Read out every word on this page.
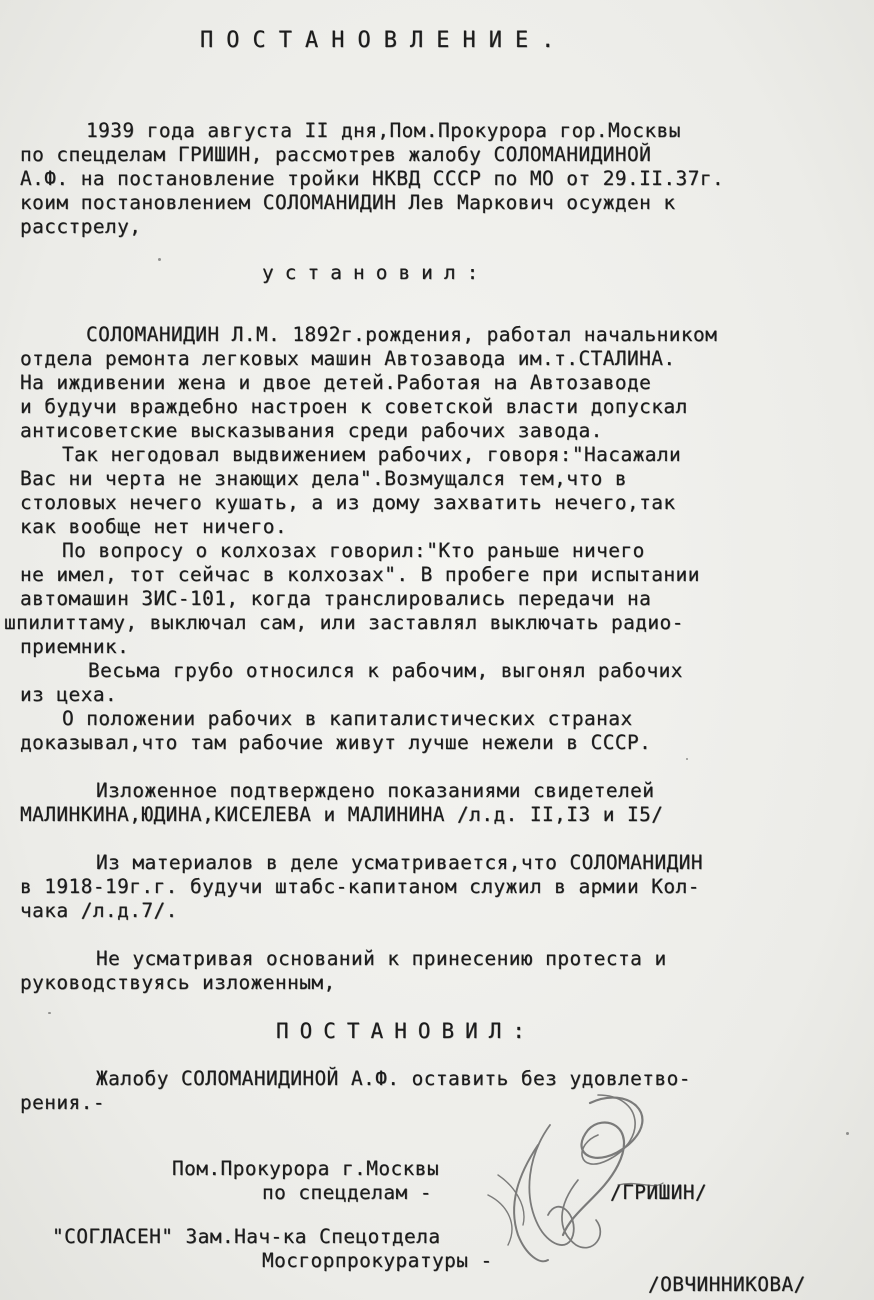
ПОСТАНОВЛЕНИЕ.
1939 года августа II дня,Пом.Прокурора гор.Москвы
по спецделам ГРИШИН, рассмотрев жалобу СОЛОМАНИДИНОЙ
А.Ф. на постановление тройки НКВД СССР по МО от 29.II.37г.
коим постановлением СОЛОМАНИДИН Лев Маркович осужден к
расстрелу,
установил:
СОЛОМАНИДИН Л.М. 1892г.рождения, работал начальником
отдела ремонта легковых машин Автозавода им.т.СТАЛИНА.
На иждивении жена и двое детей.Работая на Автозаводе
и будучи враждебно настроен к советской власти допускал
антисоветские высказывания среди рабочих завода.
Так негодовал выдвижением рабочих, говоря:"Насажали
Вас ни черта не знающих дела".Возмущался тем,что в
столовых нечего кушать, а из дому захватить нечего,так
как вообще нет ничего.
По вопросу о колхозах говорил:"Кто раньше ничего
не имел, тот сейчас в колхозах". В пробеге при испытании
автомашин ЗИС-101, когда транслировались передачи на
шпилиттаму, выключал сам, или заставлял выключать радио-
приемник.
Весьма грубо относился к рабочим, выгонял рабочих
из цеха.
О положении рабочих в капиталистических странах
доказывал,что там рабочие живут лучше нежели в СССР.
Изложенное подтверждено показаниями свидетелей
МАЛИНКИНА,ЮДИНА,КИСЕЛЕВА и МАЛИНИНА /л.д. II,I3 и I5/
Из материалов в деле усматривается,что СОЛОМАНИДИН
в 1918-19г.г. будучи штабс-капитаном служил в армии Кол-
чака /л.д.7/.
Не усматривая оснований к принесению протеста и
руководствуясь изложенным,
ПОСТАНОВИЛ:
Жалобу СОЛОМАНИДИНОЙ А.Ф. оставить без удовлетво-
рения.-
Пом.Прокурора г.Москвы
по спецделам -	/ГРИШИН/
"СОГЛАСЕН" Зам.Нач-ка Спецотдела
Мосгорпрокуратуры -
/ОВЧИННИКОВА/
